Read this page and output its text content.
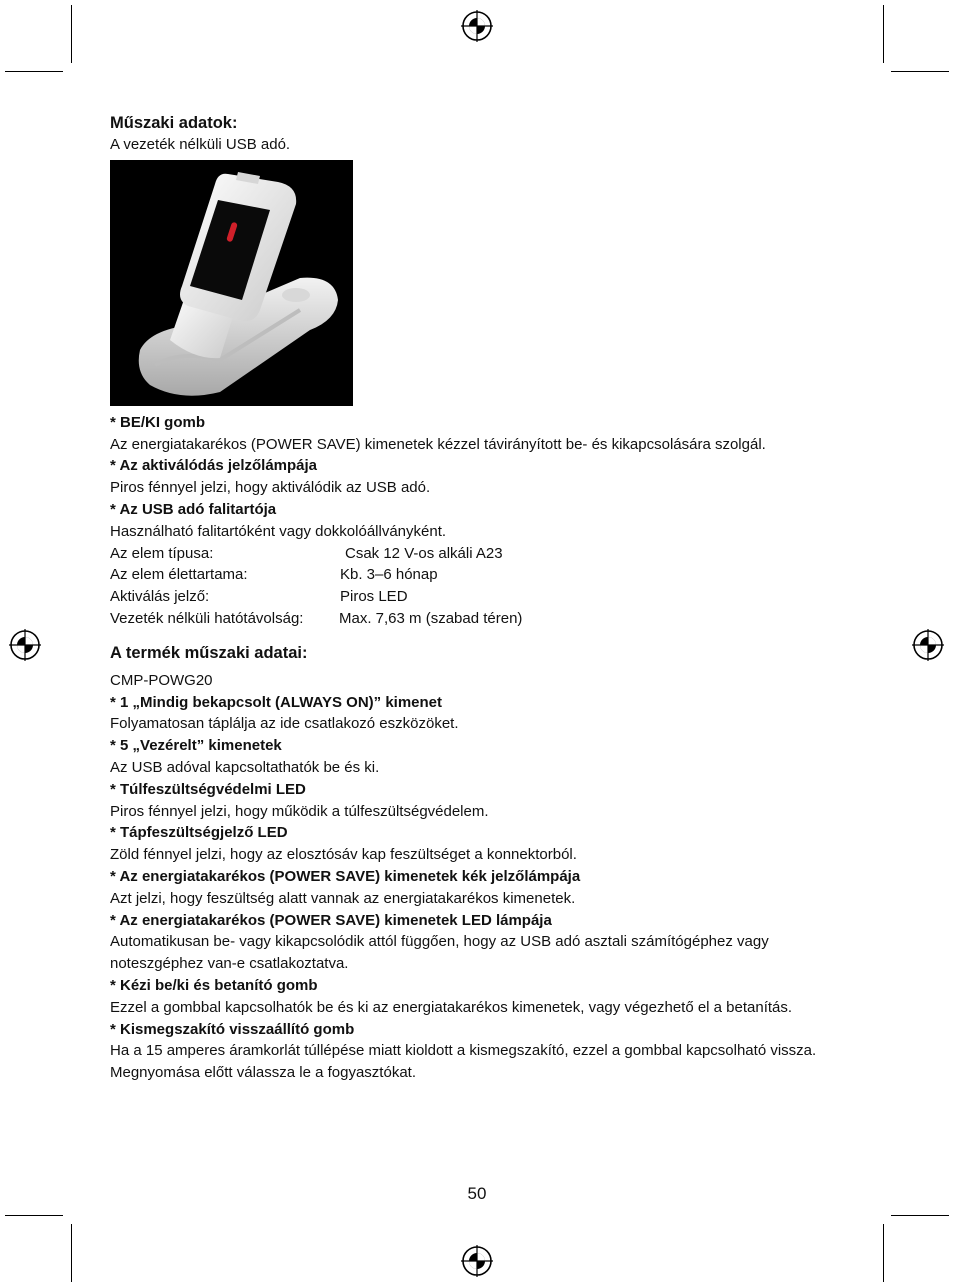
Műszaki adatok:

A vezeték nélküli USB adó.

* BE/KI gomb

Az energiatakarékos (POWER SAVE) kimenetek kézzel távirányított be- és kikapcsolására szolgál.

* Az aktiválódás jelzőlámpája

Piros fénnyel jelzi, hogy aktiválódik az USB adó.

* Az USB adó falitartója

Használható falitartóként vagy dokkolóállványként.

Az elem típusa:	Csak 12 V-os alkáli A23
Az elem élettartama:	Kb. 3–6 hónap
Aktiválás jelző:	Piros LED
Vezeték nélküli hatótávolság:	Max. 7,63 m (szabad téren)
A termék műszaki adatai:

CMP-POWG20

* 1 „Mindig bekapcsolt (ALWAYS ON)” kimenet

Folyamatosan táplálja az ide csatlakozó eszközöket.

* 5 „Vezérelt” kimenetek

Az USB adóval kapcsoltathatók be és ki.

* Túlfeszültségvédelmi LED

Piros fénnyel jelzi, hogy működik a túlfeszültségvédelem.

* Tápfeszültségjelző LED

Zöld fénnyel jelzi, hogy az elosztósáv kap feszültséget a konnektorból.

* Az energiatakarékos (POWER SAVE) kimenetek kék jelzőlámpája

Azt jelzi, hogy feszültség alatt vannak az energiatakarékos kimenetek.

* Az energiatakarékos (POWER SAVE) kimenetek LED lámpája

Automatikusan be- vagy kikapcsolódik attól függően, hogy az USB adó asztali számítógéphez vagy noteszgéphez van-e csatlakoztatva.

* Kézi be/ki és betanító gomb

Ezzel a gombbal kapcsolhatók be és ki az energiatakarékos kimenetek, vagy végezhető el a betanítás.

* Kismegszakító visszaállító gomb

Ha a 15 amperes áramkorlát túllépése miatt kioldott a kismegszakító, ezzel a gombbal kapcsolható vissza. Megnyomása előtt válassza le a fogyasztókat.

50
